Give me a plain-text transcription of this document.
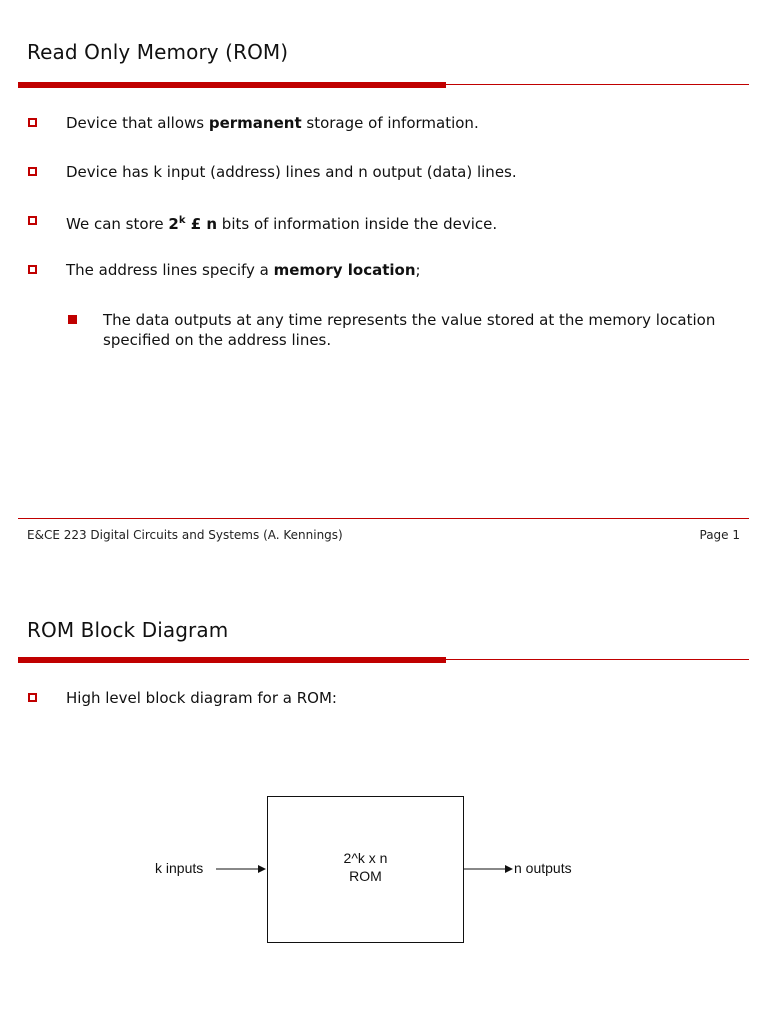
Read Only Memory (ROM)
Device that allows permanent storage of information.
Device has k input (address) lines and n output (data) lines.
We can store 2$^k$ £ n bits of information inside the device.
The address lines specify a memory location;
The data outputs at any time represents the value stored at the memory location specified on the address lines.
E&CE 223 Digital Circuits and Systems (A. Kennings)	Page 1
ROM Block Diagram
High level block diagram for a ROM:
2^k x n
ROM
k inputs	n outputs
